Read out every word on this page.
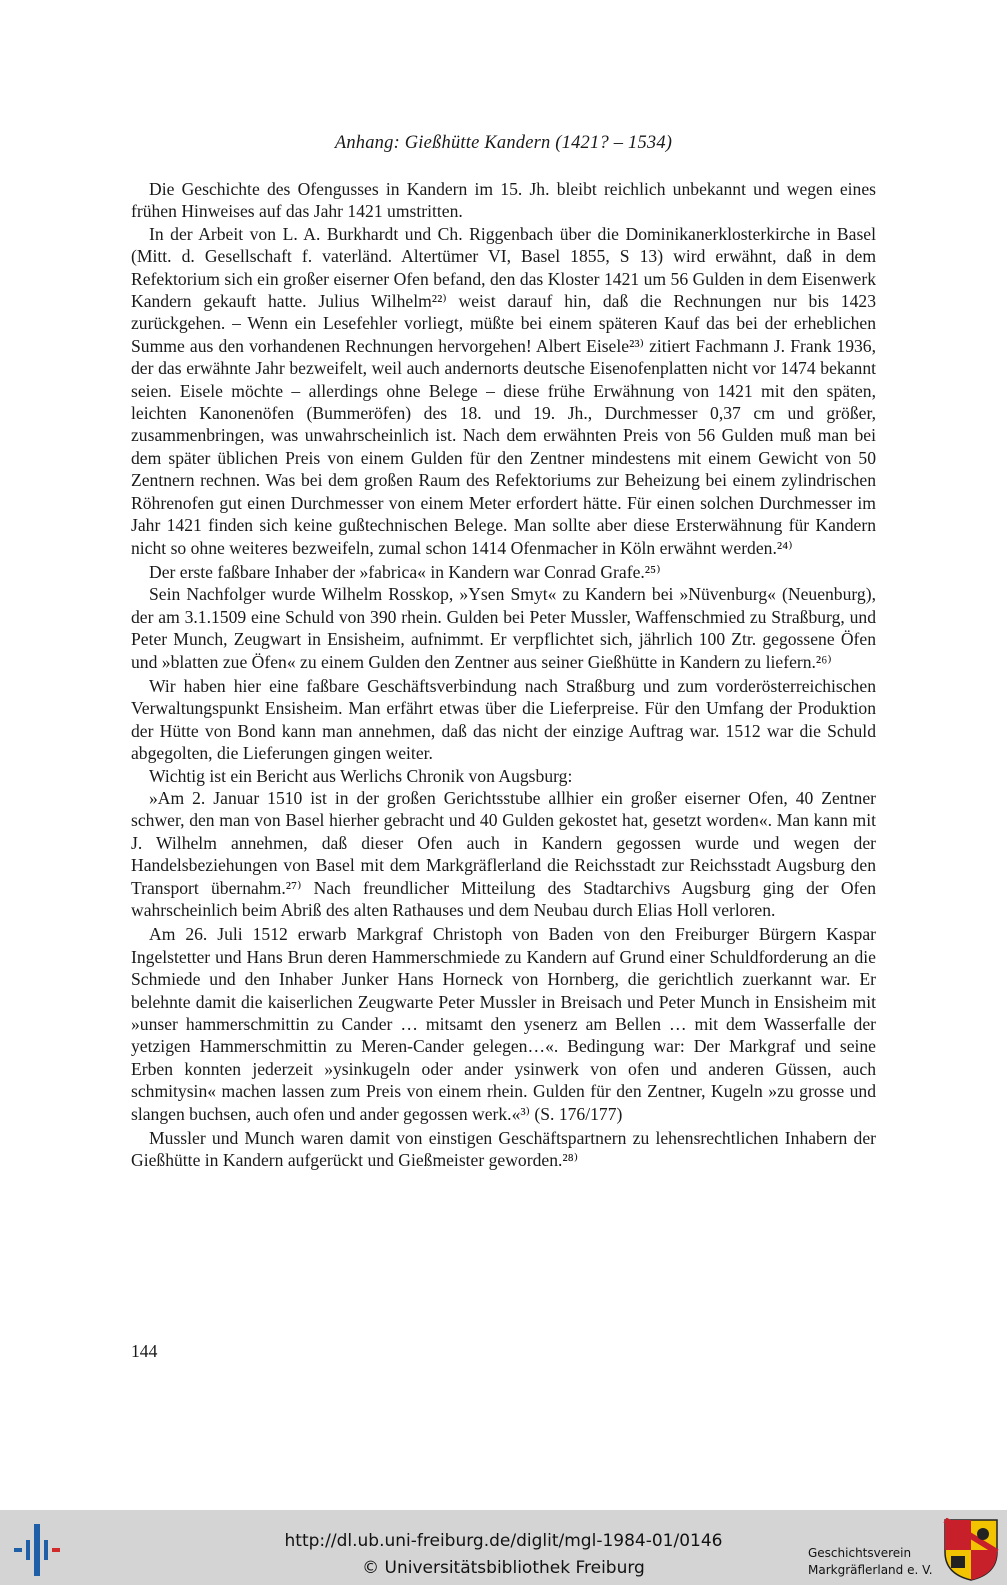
Anhang: Gießhütte Kandern (1421? – 1534)

Die Geschichte des Ofengusses in Kandern im 15. Jh. bleibt reichlich unbekannt und wegen eines frühen Hinweises auf das Jahr 1421 umstritten.

In der Arbeit von L. A. Burkhardt und Ch. Riggenbach über die Dominikanerklosterkirche in Basel (Mitt. d. Gesellschaft f. vaterländ. Altertümer VI, Basel 1855, S 13) wird erwähnt, daß in dem Refektorium sich ein großer eiserner Ofen befand, den das Kloster 1421 um 56 Gulden in dem Eisenwerk Kandern gekauft hatte. Julius Wilhelm²²⁾ weist darauf hin, daß die Rechnungen nur bis 1423 zurückgehen. – Wenn ein Lesefehler vorliegt, müßte bei einem späteren Kauf das bei der erheblichen Summe aus den vorhandenen Rechnungen hervorgehen! Albert Eisele²³⁾ zitiert Fachmann J. Frank 1936, der das erwähnte Jahr bezweifelt, weil auch andernorts deutsche Eisenofenplatten nicht vor 1474 bekannt seien. Eisele möchte – allerdings ohne Belege – diese frühe Erwähnung von 1421 mit den späten, leichten Kanonenöfen (Bummeröfen) des 18. und 19. Jh., Durchmesser 0,37 cm und größer, zusammenbringen, was unwahrscheinlich ist. Nach dem erwähnten Preis von 56 Gulden muß man bei dem später üblichen Preis von einem Gulden für den Zentner mindestens mit einem Gewicht von 50 Zentnern rechnen. Was bei dem großen Raum des Refektoriums zur Beheizung bei einem zylindrischen Röhrenofen gut einen Durchmesser von einem Meter erfordert hätte. Für einen solchen Durchmesser im Jahr 1421 finden sich keine gußtechnischen Belege. Man sollte aber diese Ersterwähnung für Kandern nicht so ohne weiteres bezweifeln, zumal schon 1414 Ofenmacher in Köln erwähnt werden.²⁴⁾

Der erste faßbare Inhaber der »fabrica« in Kandern war Conrad Grafe.²⁵⁾

Sein Nachfolger wurde Wilhelm Rosskop, »Ysen Smyt« zu Kandern bei »Nüvenburg« (Neuenburg), der am 3.1.1509 eine Schuld von 390 rhein. Gulden bei Peter Mussler, Waffenschmied zu Straßburg, und Peter Munch, Zeugwart in Ensisheim, aufnimmt. Er verpflichtet sich, jährlich 100 Ztr. gegossene Öfen und »blatten zue Öfen« zu einem Gulden den Zentner aus seiner Gießhütte in Kandern zu liefern.²⁶⁾

Wir haben hier eine faßbare Geschäftsverbindung nach Straßburg und zum vorderösterreichischen Verwaltungspunkt Ensisheim. Man erfährt etwas über die Lieferpreise. Für den Umfang der Produktion der Hütte von Bond kann man annehmen, daß das nicht der einzige Auftrag war. 1512 war die Schuld abgegolten, die Lieferungen gingen weiter.

Wichtig ist ein Bericht aus Werlichs Chronik von Augsburg:

»Am 2. Januar 1510 ist in der großen Gerichtsstube allhier ein großer eiserner Ofen, 40 Zentner schwer, den man von Basel hierher gebracht und 40 Gulden gekostet hat, gesetzt worden«. Man kann mit J. Wilhelm annehmen, daß dieser Ofen auch in Kandern gegossen wurde und wegen der Handelsbeziehungen von Basel mit dem Markgräflerland die Reichsstadt zur Reichsstadt Augsburg den Transport übernahm.²⁷⁾ Nach freundlicher Mitteilung des Stadtarchivs Augsburg ging der Ofen wahrscheinlich beim Abriß des alten Rathauses und dem Neubau durch Elias Holl verloren.

Am 26. Juli 1512 erwarb Markgraf Christoph von Baden von den Freiburger Bürgern Kaspar Ingelstetter und Hans Brun deren Hammerschmiede zu Kandern auf Grund einer Schuldforderung an die Schmiede und den Inhaber Junker Hans Horneck von Hornberg, die gerichtlich zuerkannt war. Er belehnte damit die kaiserlichen Zeugwarte Peter Mussler in Breisach und Peter Munch in Ensisheim mit »unser hammerschmittin zu Cander … mitsamt den ysenerz am Bellen … mit dem Wasserfalle der yetzigen Hammerschmittin zu Meren-Cander gelegen…«. Bedingung war: Der Markgraf und seine Erben konnten jederzeit »ysinkugeln oder ander ysinwerk von ofen und anderen Güssen, auch schmitysin« machen lassen zum Preis von einem rhein. Gulden für den Zentner, Kugeln »zu grosse und slangen buchsen, auch ofen und ander gegossen werk.«³⁾ (S. 176/177)

Mussler und Munch waren damit von einstigen Geschäftspartnern zu lehensrechtlichen Inhabern der Gießhütte in Kandern aufgerückt und Gießmeister geworden.²⁸⁾

144
http://dl.ub.uni-freiburg.de/diglit/mgl-1984-01/0146
© Universitätsbibliothek Freiburg
Geschichtsverein
Markgräflerland e. V.
